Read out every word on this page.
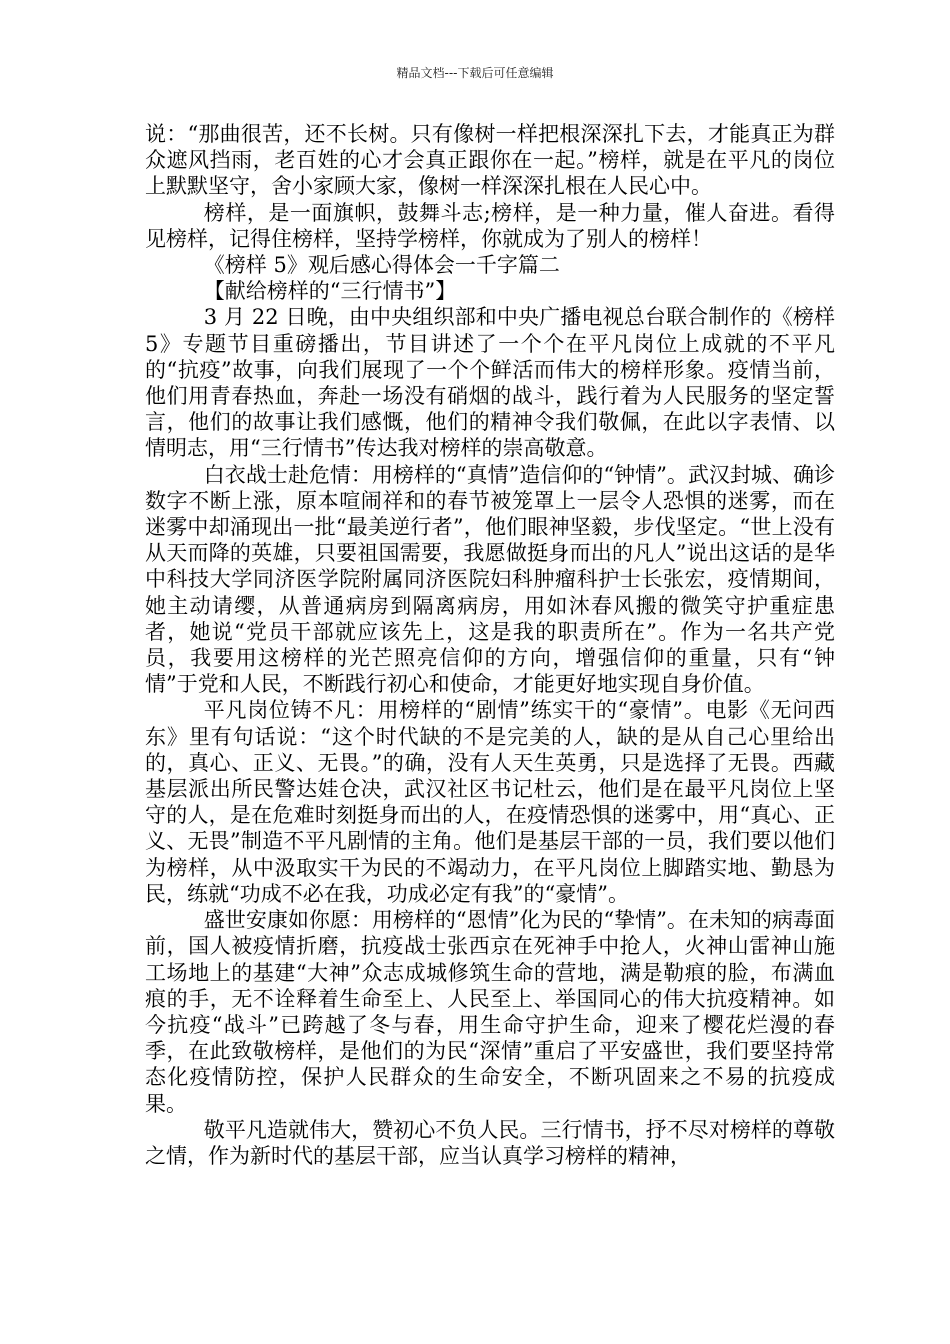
精品文档---下载后可任意编辑

说：“那曲很苦，还不长树。只有像树一样把根深深扎下去，才能真正为群众遮风挡雨，老百姓的心才会真正跟你在一起。”榜样，就是在平凡的岗位上默默坚守，舍小家顾大家，像树一样深深扎根在人民心中。

榜样，是一面旗帜，鼓舞斗志;榜样，是一种力量，催人奋进。看得见榜样，记得住榜样，坚持学榜样，你就成为了别人的榜样！

《榜样 5》观后感心得体会一千字篇二

【献给榜样的“三行情书”】

3 月 22 日晚，由中央组织部和中央广播电视总台联合制作的《榜样 5》专题节目重磅播出，节目讲述了一个个在平凡岗位上成就的不平凡的“抗疫”故事，向我们展现了一个个鲜活而伟大的榜样形象。疫情当前，他们用青春热血，奔赴一场没有硝烟的战斗，践行着为人民服务的坚定誓言，他们的故事让我们感慨，他们的精神令我们敬佩，在此以字表情、以情明志，用“三行情书”传达我对榜样的崇高敬意。

白衣战士赴危情：用榜样的“真情”造信仰的“钟情”。武汉封城、确诊数字不断上涨，原本喧闹祥和的春节被笼罩上一层令人恐惧的迷雾，而在迷雾中却涌现出一批“最美逆行者”，他们眼神坚毅，步伐坚定。“世上没有从天而降的英雄，只要祖国需要，我愿做挺身而出的凡人”说出这话的是华中科技大学同济医学院附属同济医院妇科肿瘤科护士长张宏，疫情期间，她主动请缨，从普通病房到隔离病房，用如沐春风搬的微笑守护重症患者，她说“党员干部就应该先上，这是我的职责所在”。作为一名共产党员，我要用这榜样的光芒照亮信仰的方向，增强信仰的重量，只有“钟情”于党和人民，不断践行初心和使命，才能更好地实现自身价值。

平凡岗位铸不凡：用榜样的“剧情”练实干的“豪情”。电影《无问西东》里有句话说：“这个时代缺的不是完美的人，缺的是从自己心里给出的，真心、正义、无畏。”的确，没有人天生英勇，只是选择了无畏。西藏基层派出所民警达娃仓决，武汉社区书记杜云，他们是在最平凡岗位上坚守的人，是在危难时刻挺身而出的人，在疫情恐惧的迷雾中，用“真心、正义、无畏”制造不平凡剧情的主角。他们是基层干部的一员，我们要以他们为榜样，从中汲取实干为民的不竭动力，在平凡岗位上脚踏实地、勤恳为民，练就“功成不必在我，功成必定有我”的“豪情”。

盛世安康如你愿：用榜样的“恩情”化为民的“挚情”。在未知的病毒面前，国人被疫情折磨，抗疫战士张西京在死神手中抢人，火神山雷神山施工场地上的基建“大神”众志成城修筑生命的营地，满是勒痕的脸，布满血痕的手，无不诠释着生命至上、人民至上、举国同心的伟大抗疫精神。如今抗疫“战斗”已跨越了冬与春，用生命守护生命，迎来了樱花烂漫的春季，在此致敬榜样，是他们的为民“深情”重启了平安盛世，我们要坚持常态化疫情防控，保护人民群众的生命安全，不断巩固来之不易的抗疫成果。

敬平凡造就伟大，赞初心不负人民。三行情书，抒不尽对榜样的尊敬之情，作为新时代的基层干部，应当认真学习榜样的精神，
